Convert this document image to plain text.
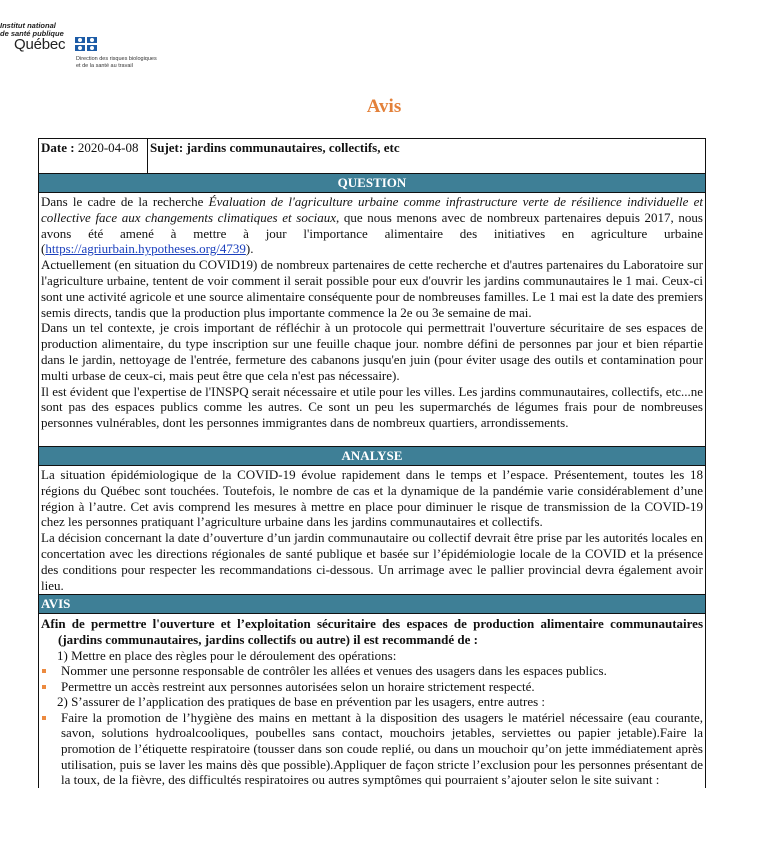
Institut national
de santé publique
Québec
Direction des risques biologiques
et de la santé au travail
Avis
Date : 2020-04-08 Sujet: jardins communautaires, collectifs, etc
QUESTION

Dans le cadre de la recherche Évaluation de l'agriculture urbaine comme infrastructure verte de résilience individuelle et collective face aux changements climatiques et sociaux, que nous menons avec de nombreux partenaires depuis 2017, nous avons été amené à mettre à jour l'importance alimentaire des initiatives en agriculture urbaine (https://agriurbain.hypotheses.org/4739).

Actuellement (en situation du COVID19) de nombreux partenaires de cette recherche et d'autres partenaires du Laboratoire sur l'agriculture urbaine, tentent de voir comment il serait possible pour eux d'ouvrir les jardins communautaires le 1 mai. Ceux-ci sont une activité agricole et une source alimentaire conséquente pour de nombreuses familles. Le 1 mai est la date des premiers semis directs, tandis que la production plus importante commence la 2e ou 3e semaine de mai.

Dans un tel contexte, je crois important de réfléchir à un protocole qui permettrait l'ouverture sécuritaire de ses espaces de production alimentaire, du type inscription sur une feuille chaque jour. nombre défini de personnes par jour et bien répartie dans le jardin, nettoyage de l'entrée, fermeture des cabanons jusqu'en juin (pour éviter usage des outils et contamination pour multi urbase de ceux-ci, mais peut être que cela n'est pas nécessaire).

Il est évident que l'expertise de l'INSPQ serait nécessaire et utile pour les villes. Les jardins communautaires, collectifs, etc...ne sont pas des espaces publics comme les autres. Ce sont un peu les supermarchés de légumes frais pour de nombreuses personnes vulnérables, dont les personnes immigrantes dans de nombreux quartiers, arrondissements.

ANALYSE

La situation épidémiologique de la COVID-19 évolue rapidement dans le temps et l’espace. Présentement, toutes les 18 régions du Québec sont touchées. Toutefois, le nombre de cas et la dynamique de la pandémie varie considérablement d’une région à l’autre. Cet avis comprend les mesures à mettre en place pour diminuer le risque de transmission de la COVID-19 chez les personnes pratiquant l’agriculture urbaine dans les jardins communautaires et collectifs.

La décision concernant la date d’ouverture d’un jardin communautaire ou collectif devrait être prise par les autorités locales en concertation avec les directions régionales de santé publique et basée sur l’épidémiologie locale de la COVID et la présence des conditions pour respecter les recommandations ci-dessous. Un arrimage avec le pallier provincial devra également avoir lieu.

AVIS

Afin de permettre l'ouverture et l’exploitation sécuritaire des espaces de production alimentaire communautaires (jardins communautaires, jardins collectifs ou autre) il est recommandé de :

1) Mettre en place des règles pour le déroulement des opérations:

Nommer une personne responsable de contrôler les allées et venues des usagers dans les espaces publics.

Permettre un accès restreint aux personnes autorisées selon un horaire strictement respecté.

2) S’assurer de l’application des pratiques de base en prévention par les usagers, entre autres :

Faire la promotion de l’hygiène des mains en mettant à la disposition des usagers le matériel nécessaire (eau courante, savon, solutions hydroalcooliques, poubelles sans contact, mouchoirs jetables, serviettes ou papier jetable).Faire la promotion de l’étiquette respiratoire (tousser dans son coude replié, ou dans un mouchoir qu’on jette immédiatement après utilisation, puis se laver les mains dès que possible).Appliquer de façon stricte l’exclusion pour les personnes présentant de la toux, de la fièvre, des difficultés respiratoires ou autres symptômes qui pourraient s’ajouter selon le site suivant :
